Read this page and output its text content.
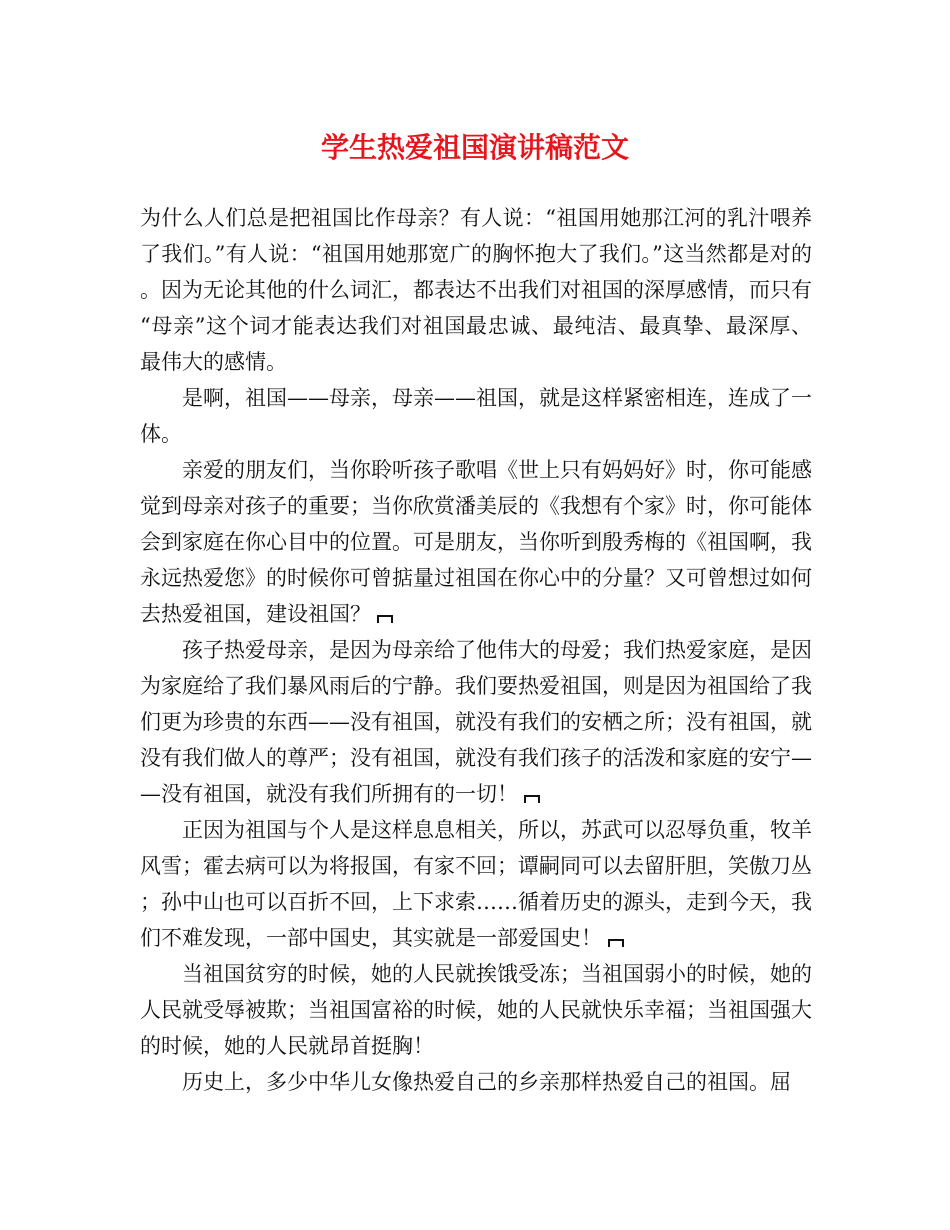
学生热爱祖国演讲稿范文

为什么人们总是把祖国比作母亲？有人说：“祖国用她那江河的乳汁喂养了我们。”有人说：“祖国用她那宽广的胸怀抱大了我们。”这当然都是对的。因为无论其他的什么词汇，都表达不出我们对祖国的深厚感情，而只有“母亲”这个词才能表达我们对祖国最忠诚、最纯洁、最真挚、最深厚、最伟大的感情。

是啊，祖国——母亲，母亲——祖国，就是这样紧密相连，连成了一体。

亲爱的朋友们，当你聆听孩子歌唱《世上只有妈妈好》时，你可能感觉到母亲对孩子的重要；当你欣赏潘美辰的《我想有个家》时，你可能体会到家庭在你心目中的位置。可是朋友，当你听到殷秀梅的《祖国啊，我永远热爱您》的时候你可曾掂量过祖国在你心中的分量？又可曾想过如何去热爱祖国，建设祖国？

孩子热爱母亲，是因为母亲给了他伟大的母爱；我们热爱家庭，是因为家庭给了我们暴风雨后的宁静。我们要热爱祖国，则是因为祖国给了我们更为珍贵的东西——没有祖国，就没有我们的安栖之所；没有祖国，就没有我们做人的尊严；没有祖国，就没有我们孩子的活泼和家庭的安宁——没有祖国，就没有我们所拥有的一切！

正因为祖国与个人是这样息息相关，所以，苏武可以忍辱负重，牧羊风雪；霍去病可以为将报国，有家不回；谭嗣同可以去留肝胆，笑傲刀丛；孙中山也可以百折不回，上下求索……循着历史的源头，走到今天，我们不难发现，一部中国史，其实就是一部爱国史！

当祖国贫穷的时候，她的人民就挨饿受冻；当祖国弱小的时候，她的人民就受辱被欺；当祖国富裕的时候，她的人民就快乐幸福；当祖国强大的时候，她的人民就昂首挺胸！

历史上，多少中华儿女像热爱自己的乡亲那样热爱自己的祖国。屈
